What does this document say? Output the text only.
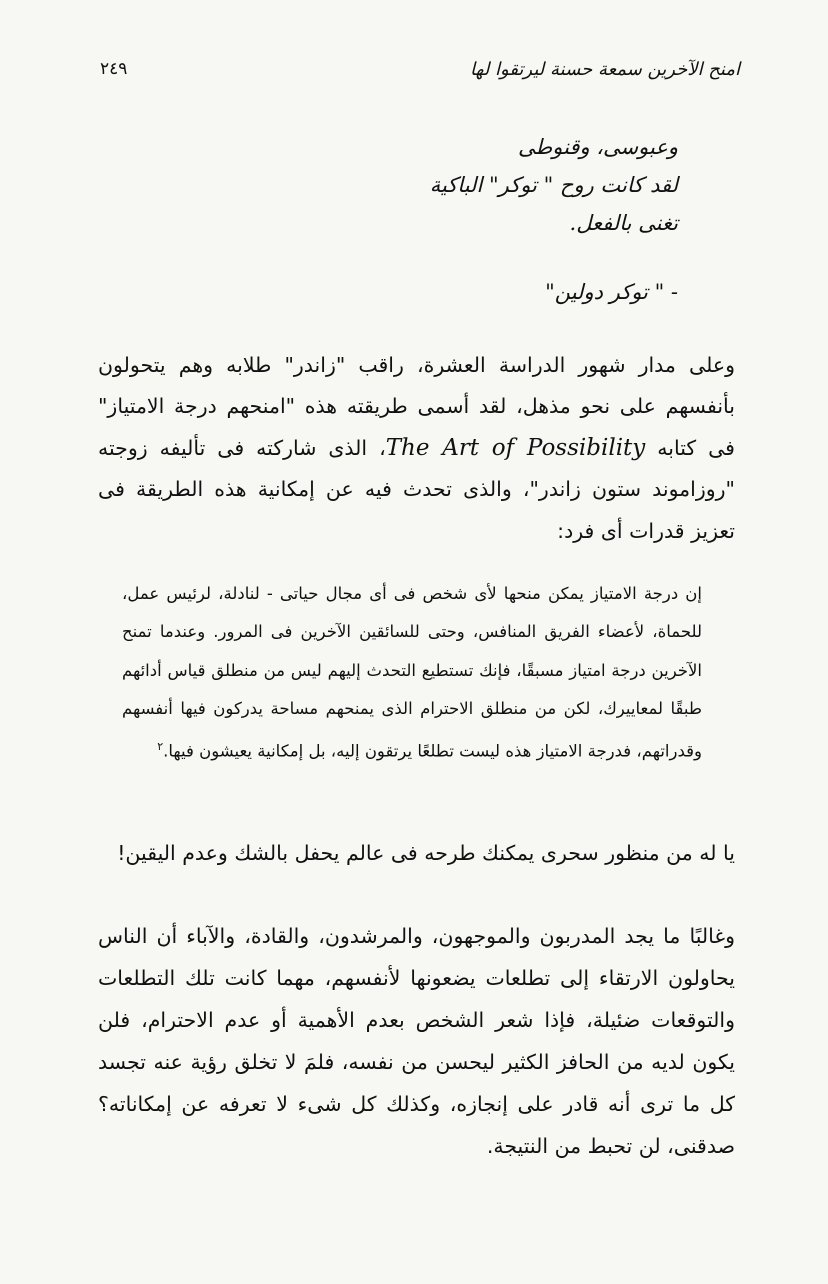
امنح الآخرين سمعة حسنة ليرتقوا لها
٢٤٩
وعبوسى، وقنوطى
لقد كانت روح " توكر" الباكية
تغنى بالفعل.
- " توكر دولين"

وعلى مدار شهور الدراسة العشرة، راقب "زاندر" طلابه وهم يتحولون بأنفسهم على نحو مذهل، لقد أسمى طريقته هذه "امنحهم درجة الامتياز" فى كتابه The Art of Possibility، الذى شاركته فى تأليفه زوجته "روزاموند ستون زاندر"، والذى تحدث فيه عن إمكانية هذه الطريقة فى تعزيز قدرات أى فرد:

إن درجة الامتياز يمكن منحها لأى شخص فى أى مجال حياتى - لنادلة، لرئيس عمل، للحماة، لأعضاء الفريق المنافس، وحتى للسائقين الآخرين فى المرور. وعندما تمنح الآخرين درجة امتياز مسبقًا، فإنك تستطيع التحدث إليهم ليس من منطلق قياس أدائهم طبقًا لمعاييرك، لكن من منطلق الاحترام الذى يمنحهم مساحة يدركون فيها أنفسهم وقدراتهم، فدرجة الامتياز هذه ليست تطلعًا يرتقون إليه، بل إمكانية يعيشون فيها.$^٢$

يا له من منظور سحرى يمكنك طرحه فى عالم يحفل بالشك وعدم اليقين!

وغالبًا ما يجد المدربون والموجهون، والمرشدون، والقادة، والآباء أن الناس يحاولون الارتقاء إلى تطلعات يضعونها لأنفسهم، مهما كانت تلك التطلعات والتوقعات ضئيلة، فإذا شعر الشخص بعدم الأهمية أو عدم الاحترام، فلن يكون لديه من الحافز الكثير ليحسن من نفسه، فلمَ لا تخلق رؤية عنه تجسد كل ما ترى أنه قادر على إنجازه، وكذلك كل شىء لا تعرفه عن إمكاناته؟ صدقنى، لن تحبط من النتيجة.
